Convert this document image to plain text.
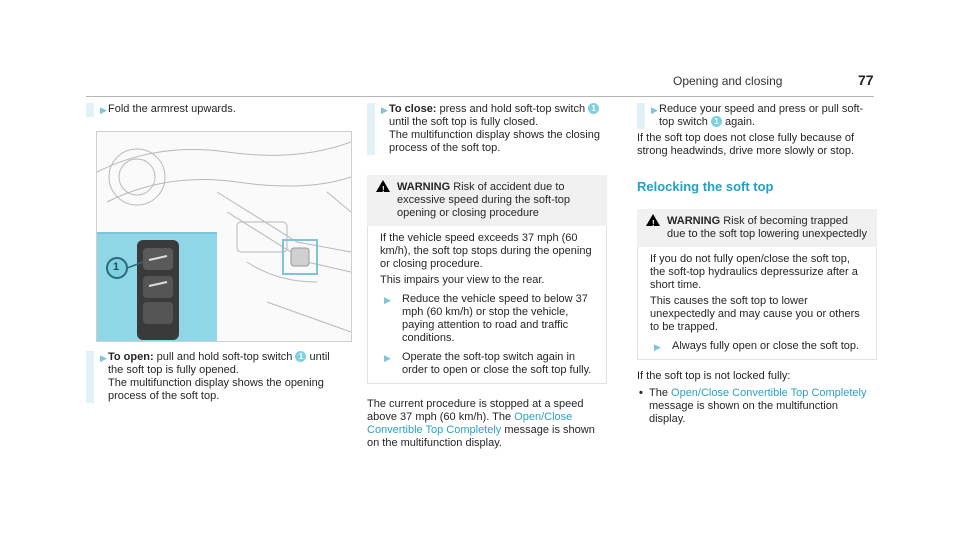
Opening and closing	77
▶ Fold the armrest upwards.
1
▶ To open: pull and hold soft-top switch 1 until the soft top is fully opened.
The multifunction display shows the opening process of the soft top.
▶ To close: press and hold soft-top switch 1 until the soft top is fully closed.
The multifunction display shows the closing process of the soft top.
! WARNING Risk of accident due to excessive speed during the soft-top opening or closing procedure
If the vehicle speed exceeds 37 mph (60 km/h), the soft top stops during the opening or closing procedure.
This impairs your view to the rear.
▶ Reduce the vehicle speed to below 37 mph (60 km/h) or stop the vehicle, paying attention to road and traffic conditions.
▶ Operate the soft-top switch again in order to open or close the soft top fully.
The current procedure is stopped at a speed above 37 mph (60 km/h). The Open/Close Convertible Top Completely message is shown on the multifunction display.
▶ Reduce your speed and press or pull soft-top switch 1 again.
If the soft top does not close fully because of strong headwinds, drive more slowly or stop.
Relocking the soft top
! WARNING Risk of becoming trapped due to the soft top lowering unexpectedly
If you do not fully open/close the soft top, the soft-top hydraulics depressurize after a short time.
This causes the soft top to lower unexpectedly and may cause you or others to be trapped.
▶ Always fully open or close the soft top.
If the soft top is not locked fully:
• The Open/Close Convertible Top Completely message is shown on the multifunction display.
